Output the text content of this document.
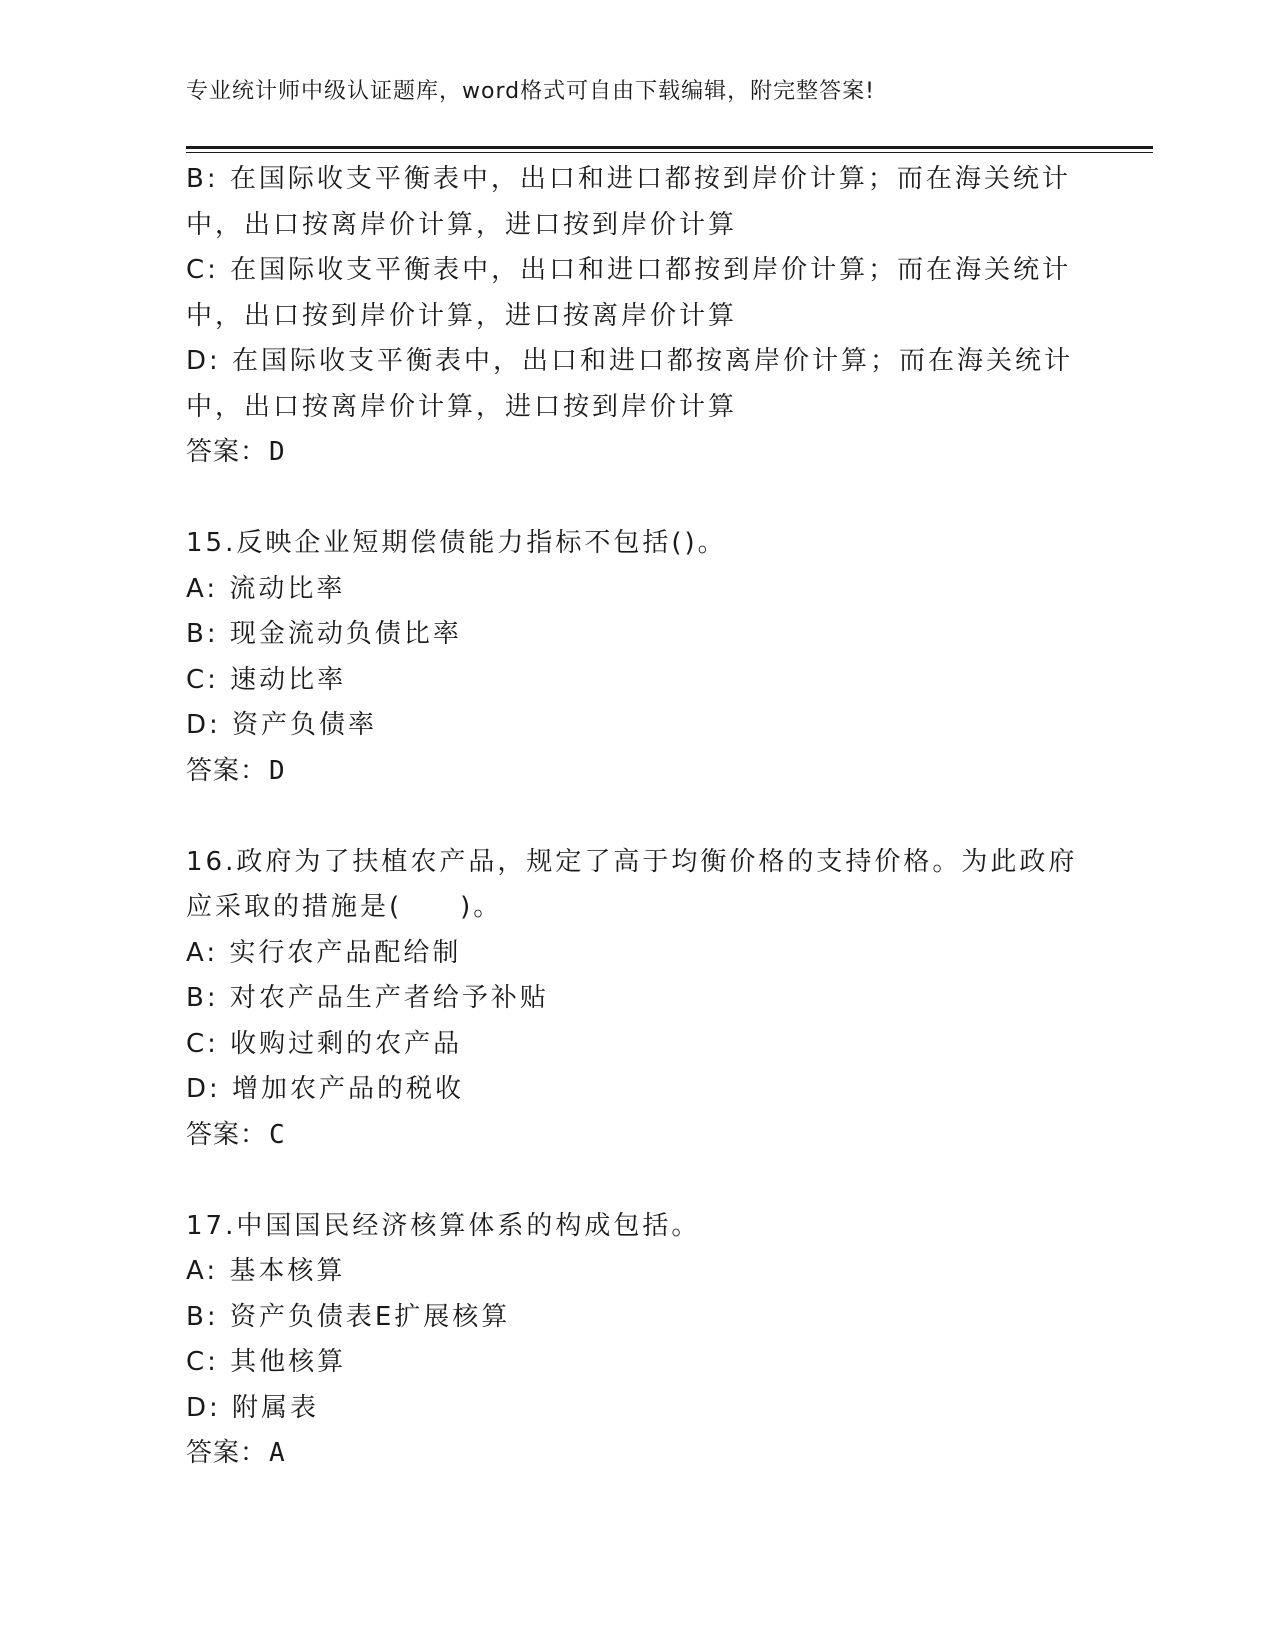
专业统计师中级认证题库，word格式可自由下载编辑，附完整答案!
B: 在国际收支平衡表中，出口和进口都按到岸价计算；而在海关统计
中，出口按离岸价计算，进口按到岸价计算
C: 在国际收支平衡表中，出口和进口都按到岸价计算；而在海关统计
中，出口按到岸价计算，进口按离岸价计算
D: 在国际收支平衡表中，出口和进口都按离岸价计算；而在海关统计
中，出口按离岸价计算，进口按到岸价计算
答案：D
15.反映企业短期偿债能力指标不包括()。
A: 流动比率
B: 现金流动负债比率
C: 速动比率
D: 资产负债率
答案：D
16.政府为了扶植农产品，规定了高于均衡价格的支持价格。为此政府
应采取的措施是(　　)。
A: 实行农产品配给制
B: 对农产品生产者给予补贴
C: 收购过剩的农产品
D: 增加农产品的税收
答案：C
17.中国国民经济核算体系的构成包括。
A: 基本核算
B: 资产负债表E扩展核算
C: 其他核算
D: 附属表
答案：A
